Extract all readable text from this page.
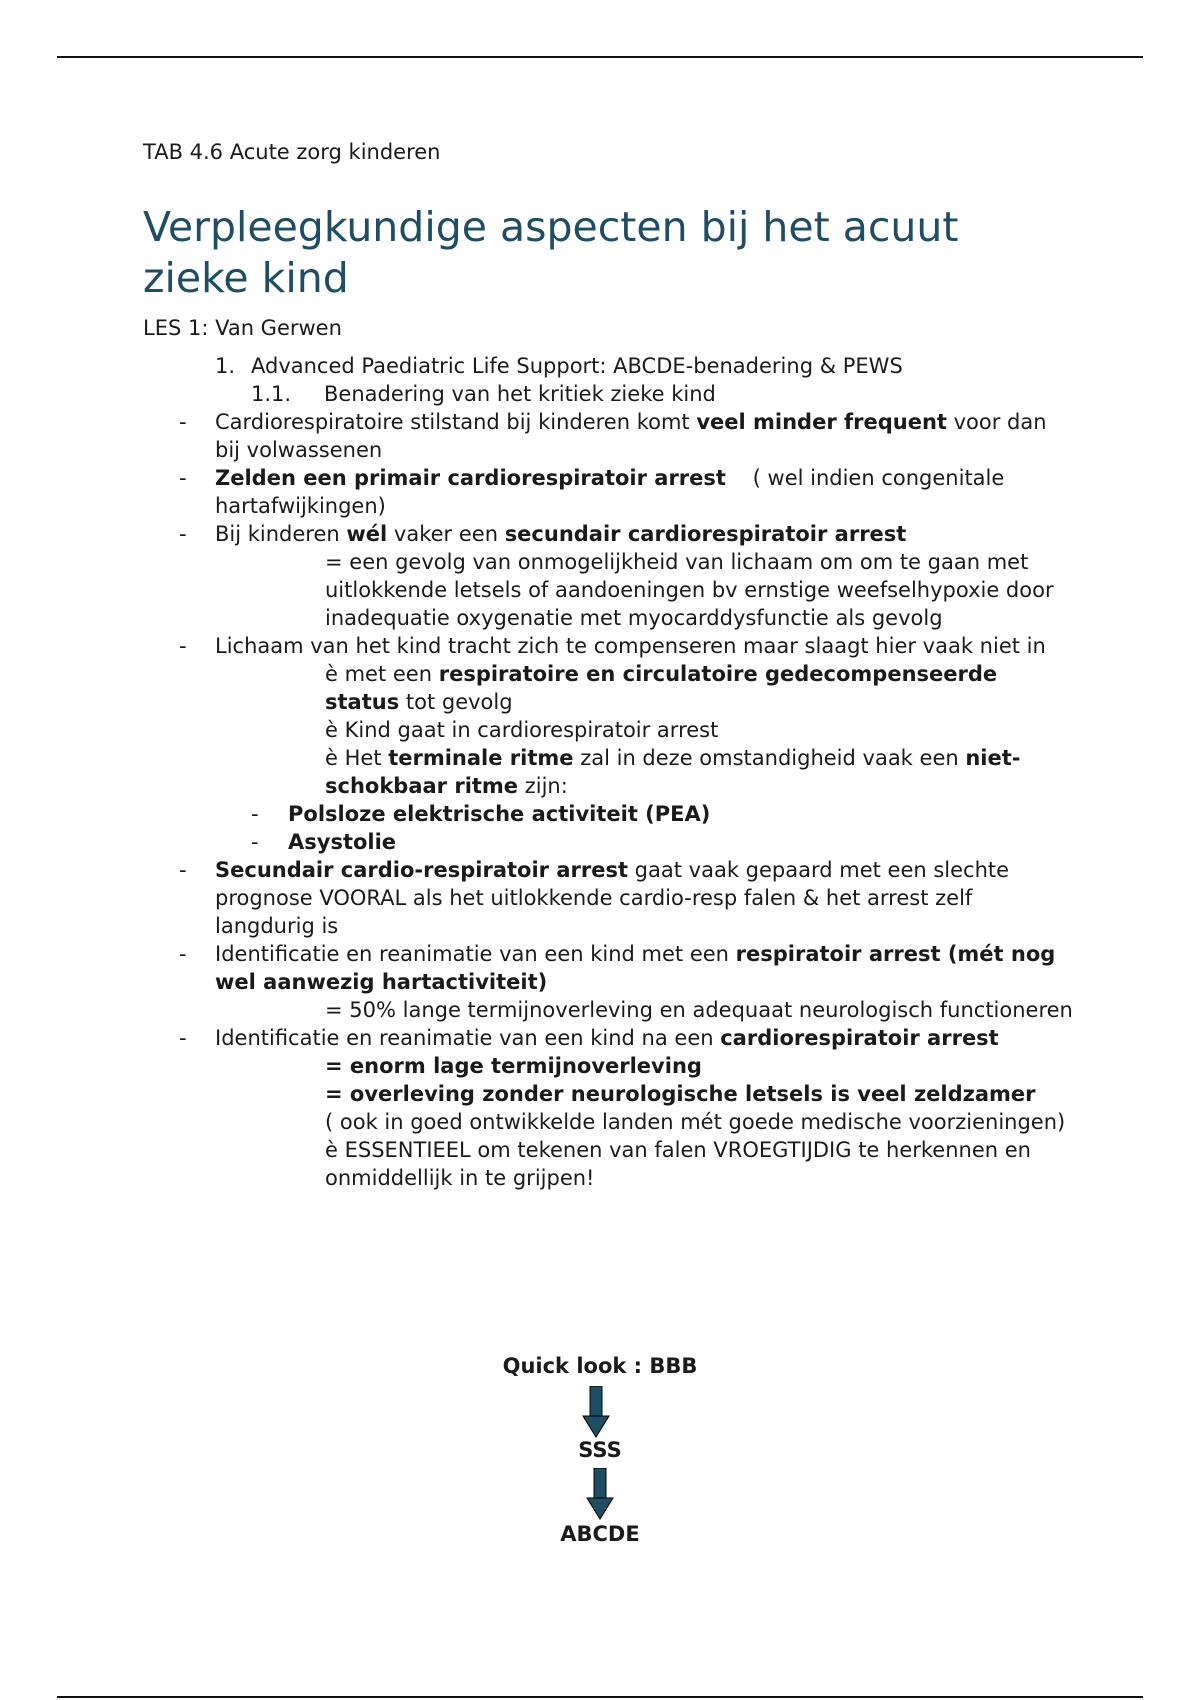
TAB 4.6 Acute zorg kinderen

Verpleegkundige aspecten bij het acuut zieke kind
LES 1: Van Gerwen
1. Advanced Paediatric Life Support: ABCDE-benadering & PEWS
1.1. Benadering van het kritiek zieke kind
- Cardiorespiratoire stilstand bij kinderen komt veel minder frequent voor dan bij volwassenen
- Zelden een primair cardiorespiratoir arrest    ( wel indien congenitale hartafwijkingen)
- Bij kinderen wél vaker een secundair cardiorespiratoir arrest
= een gevolg van onmogelijkheid van lichaam om om te gaan met uitlokkende letsels of aandoeningen bv ernstige weefselhypoxie door inadequatie oxygenatie met myocarddysfunctie als gevolg
- Lichaam van het kind tracht zich te compenseren maar slaagt hier vaak niet in
è met een respiratoire en circulatoire gedecompenseerde status tot gevolg
è Kind gaat in cardiorespiratoir arrest
è Het terminale ritme zal in deze omstandigheid vaak een niet-schokbaar ritme zijn:
- Polsloze elektrische activiteit (PEA)
- Asystolie
- Secundair cardio-respiratoir arrest gaat vaak gepaard met een slechte prognose VOORAL als het uitlokkende cardio-resp falen & het arrest zelf langdurig is
- Identificatie en reanimatie van een kind met een respiratoir arrest (mét nog wel aanwezig hartactiviteit)
= 50% lange termijnoverleving en adequaat neurologisch functioneren
- Identificatie en reanimatie van een kind na een cardiorespiratoir arrest
= enorm lage termijnoverleving
= overleving zonder neurologische letsels is veel zeldzamer
( ook in goed ontwikkelde landen mét goede medische voorzieningen)
è ESSENTIEEL om tekenen van falen VROEGTIJDIG te herkennen en onmiddellijk in te grijpen!
Quick look : BBB
SSS
ABCDE
